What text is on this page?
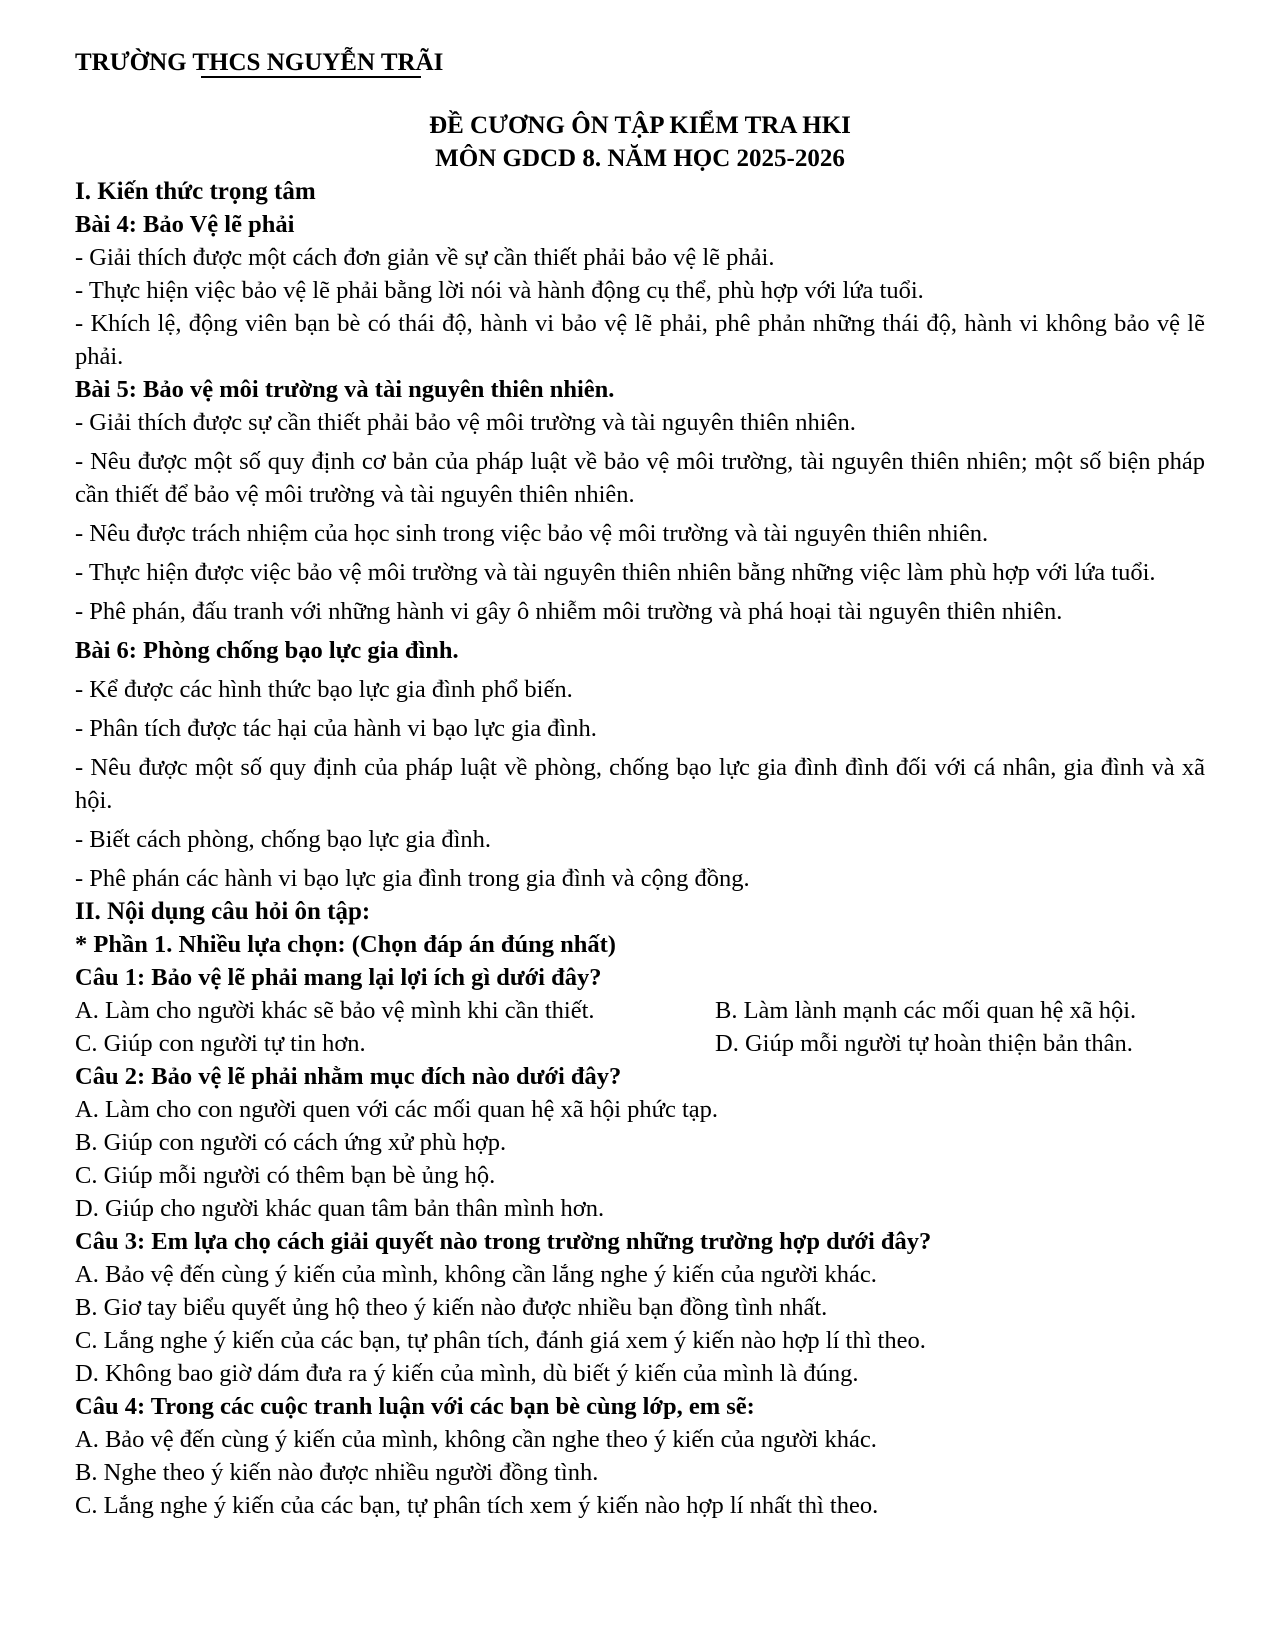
TRƯỜNG THCS NGUYỄN TRÃI

ĐỀ CƯƠNG ÔN TẬP KIỂM TRA HKI

MÔN GDCD 8. NĂM HỌC 2025-2026

I. Kiến thức trọng tâm

Bài 4: Bảo Vệ lẽ phải

- Giải thích được một cách đơn giản về sự cần thiết phải bảo vệ lẽ phải.

- Thực hiện việc bảo vệ lẽ phải bằng lời nói và hành động cụ thể, phù hợp với lứa tuổi.

- Khích lệ, động viên bạn bè có thái độ, hành vi bảo vệ lẽ phải, phê phản những thái độ, hành vi không bảo vệ lẽ phải.

Bài 5: Bảo vệ môi trường và tài nguyên thiên nhiên.

- Giải thích được sự cần thiết phải bảo vệ môi trường và tài nguyên thiên nhiên.

- Nêu được một số quy định cơ bản của pháp luật về bảo vệ môi trường, tài nguyên thiên nhiên; một số biện pháp cần thiết để bảo vệ môi trường và tài nguyên thiên nhiên.

- Nêu được trách nhiệm của học sinh trong việc bảo vệ môi trường và tài nguyên thiên nhiên.

- Thực hiện được việc bảo vệ môi trường và tài nguyên thiên nhiên bằng những việc làm phù hợp với lứa tuổi.

- Phê phán, đấu tranh với những hành vi gây ô nhiễm môi trường và phá hoại tài nguyên thiên nhiên.

Bài 6: Phòng chống bạo lực gia đình.

- Kể được các hình thức bạo lực gia đình phổ biến.

- Phân tích được tác hại của hành vi bạo lực gia đình.

- Nêu được một số quy định của pháp luật về phòng, chống bạo lực gia đình đình đối với cá nhân, gia đình và xã hội.

- Biết cách phòng, chống bạo lực gia đình.

- Phê phán các hành vi bạo lực gia đình trong gia đình và cộng đồng.

II. Nội dụng câu hỏi ôn tập:

* Phần 1. Nhiều lựa chọn: (Chọn đáp án đúng nhất)

Câu 1: Bảo vệ lẽ phải mang lại lợi ích gì dưới đây?

A. Làm cho người khác sẽ bảo vệ mình khi cần thiết.	B. Làm lành mạnh các mối quan hệ xã hội.
C. Giúp con người tự tin hơn.	D. Giúp mỗi người tự hoàn thiện bản thân.

Câu 2: Bảo vệ lẽ phải nhằm mục đích nào dưới đây?

A. Làm cho con người quen với các mối quan hệ xã hội phức tạp.

B. Giúp con người có cách ứng xử phù hợp.

C. Giúp mỗi người có thêm bạn bè ủng hộ.

D. Giúp cho người khác quan tâm bản thân mình hơn.

Câu 3: Em lựa chọ cách giải quyết nào trong trường những trường hợp dưới đây?

A. Bảo vệ đến cùng ý kiến của mình, không cần lắng nghe ý kiến của người khác.

B. Giơ tay biểu quyết ủng hộ theo ý kiến nào được nhiều bạn đồng tình nhất.

C. Lắng nghe ý kiến của các bạn, tự phân tích, đánh giá xem ý kiến nào hợp lí thì theo.

D. Không bao giờ dám đưa ra ý kiến của mình, dù biết ý kiến của mình là đúng.

Câu 4: Trong các cuộc tranh luận với các bạn bè cùng lớp, em sẽ:

A. Bảo vệ đến cùng ý kiến của mình, không cần nghe theo ý kiến của người khác.

B. Nghe theo ý kiến nào được nhiều người đồng tình.

C. Lắng nghe ý kiến của các bạn, tự phân tích xem ý kiến nào hợp lí nhất thì theo.
